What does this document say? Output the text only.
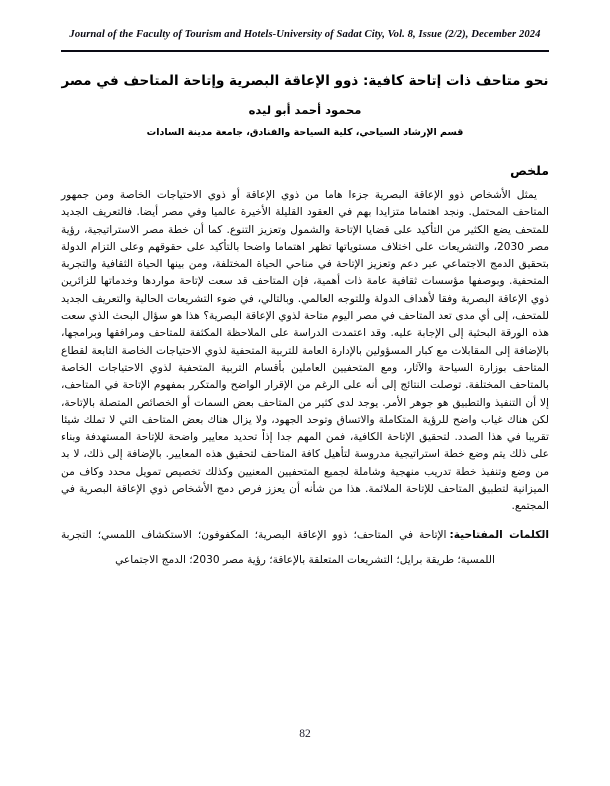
Journal of the Faculty of Tourism and Hotels-University of Sadat City, Vol. 8, Issue (2/2), December 2024
نحو متاحف ذات إتاحة كافية: ذوو الإعاقة البصرية وإتاحة المتاحف في مصر
محمود أحمد أبو ليده
قسم الإرشاد السياحي، كلية السياحة والفنادق، جامعة مدينة السادات
ملخص

يمثل الأشخاص ذوو الإعاقة البصرية جزءا هاما من ذوي الإعاقة أو ذوي الاحتياجات الخاصة ومن جمهور المتاحف المحتمل. ونجد اهتماما متزايدا بهم في العقود القليلة الأخيرة عالميا وفي مصر أيضا. فالتعريف الجديد للمتحف يضع الكثير من التأكيد على قضايا الإتاحة والشمول وتعزيز التنوع. كما أن خطة مصر الاستراتيجية، رؤية مصر 2030، والتشريعات على اختلاف مستوياتها تظهر اهتماما واضحا بالتأكيد على حقوقهم وعلى التزام الدولة بتحقيق الدمج الاجتماعي عبر دعم وتعزيز الإتاحة في مناحي الحياة المختلفة، ومن بينها الحياة الثقافية والتجربة المتحفية. وبوصفها مؤسسات ثقافية عامة ذات أهمية، فإن المتاحف قد سعت لإتاحة مواردها وخدماتها للزائرين ذوي الإعاقة البصرية وفقا لأهداف الدولة وللتوجه العالمي. وبالتالي، في ضوء التشريعات الحالية والتعريف الجديد للمتحف، إلى أي مدى تعد المتاحف في مصر اليوم متاحة لذوي الإعاقة البصرية؟ هذا هو سؤال البحث الذي سعت هذه الورقة البحثية إلى الإجابة عليه. وقد اعتمدت الدراسة على الملاحظة المكثفة للمتاحف ومرافقها وبرامجها، بالإضافة إلى المقابلات مع كبار المسؤولين بالإدارة العامة للتربية المتحفية لذوي الاحتياجات الخاصة التابعة لقطاع المتاحف بوزارة السياحة والآثار، ومع المتحفيين العاملين بأقسام التربية المتحفية لذوي الاحتياجات الخاصة بالمتاحف المختلفة. توصلت النتائج إلى أنه على الرغم من الإقرار الواضح والمتكرر بمفهوم الإتاحة في المتاحف، إلا أن التنفيذ والتطبيق هو جوهر الأمر. يوجد لدى كثير من المتاحف بعض السمات أو الخصائص المتصلة بالإتاحة، لكن هناك غياب واضح للرؤية المتكاملة والاتساق وتوحد الجهود، ولا يزال هناك بعض المتاحف التي لا تملك شيئا تقريبا في هذا الصدد. لتحقيق الإتاحة الكافية، فمن المهم جدا إذاً تحديد معايير واضحة للإتاحة المستهدفة وبناء على ذلك يتم وضع خطة استراتيجية مدروسة لتأهيل كافة المتاحف لتحقيق هذه المعايير. بالإضافة إلى ذلك، لا بد من وضع وتنفيذ خطة تدريب منهجية وشاملة لجميع المتحفيين المعنيين وكذلك تخصيص تمويل محدد وكاف من الميزانية لتطبيق المتاحف للإتاحة الملائمة. هذا من شأنه أن يعزز فرص دمج الأشخاص ذوي الإعاقة البصرية في المجتمع.

الكلمات المفتاحية:الإتاحة في المتاحف؛ ذوو الإعاقة البصرية؛ المكفوفون؛ الاستكشاف اللمسي؛ التجربة اللمسية؛ طريقة برايل؛ التشريعات المتعلقة بالإعاقة؛ رؤية مصر 2030؛ الدمج الاجتماعي

82
